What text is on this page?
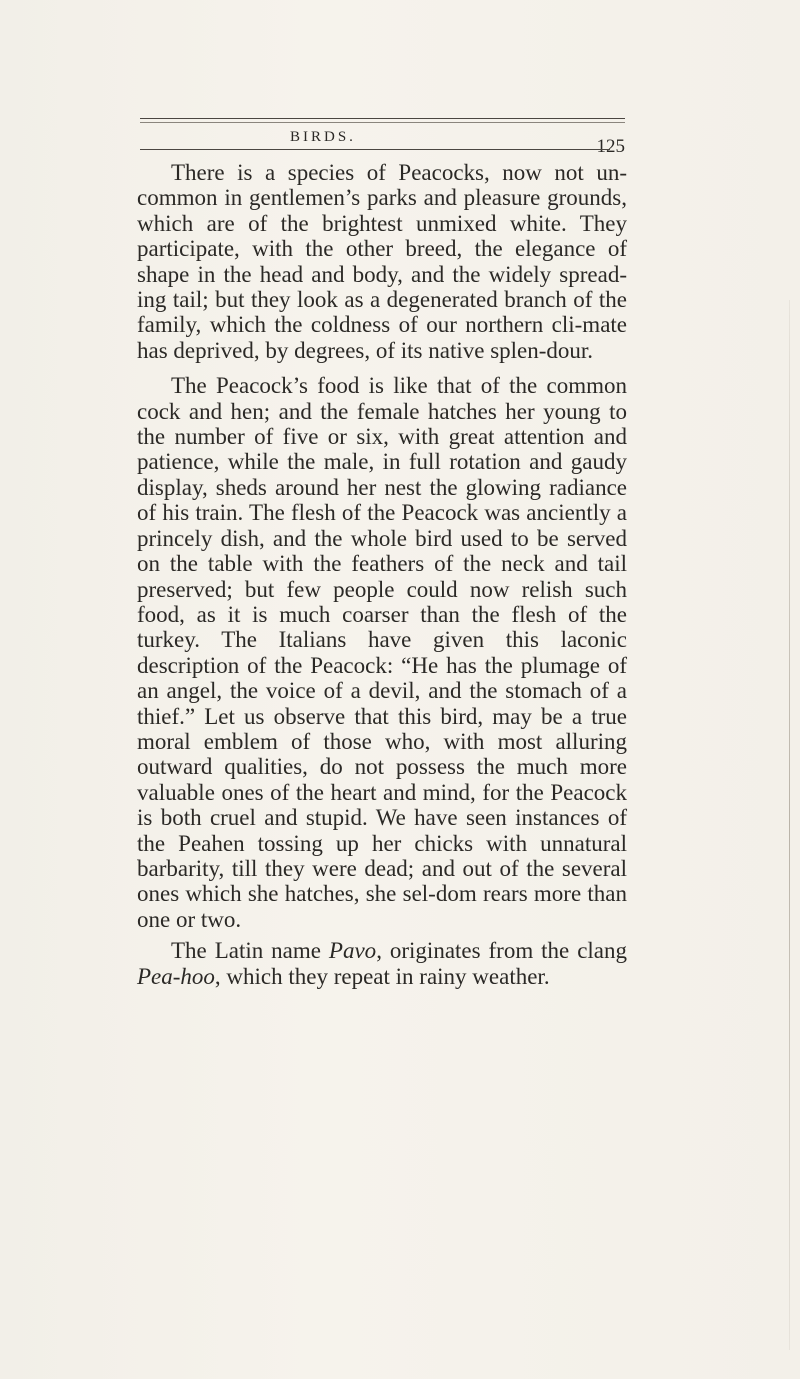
BIRDS.	125

There is a species of Peacocks, now not un-common in gentlemen’s parks and pleasure grounds, which are of the brightest unmixed white. They participate, with the other breed, the elegance of shape in the head and body, and the widely spread-ing tail; but they look as a degenerated branch of the family, which the coldness of our northern cli-mate has deprived, by degrees, of its native splen-dour.

The Peacock’s food is like that of the common cock and hen; and the female hatches her young to the number of five or six, with great attention and patience, while the male, in full rotation and gaudy display, sheds around her nest the glowing radiance of his train. The flesh of the Peacock was anciently a princely dish, and the whole bird used to be served on the table with the feathers of the neck and tail preserved; but few people could now relish such food, as it is much coarser than the flesh of the turkey. The Italians have given this laconic description of the Peacock: “He has the plumage of an angel, the voice of a devil, and the stomach of a thief.” Let us observe that this bird, may be a true moral emblem of those who, with most alluring outward qualities, do not possess the much more valuable ones of the heart and mind, for the Peacock is both cruel and stupid. We have seen instances of the Peahen tossing up her chicks with unnatural barbarity, till they were dead; and out of the several ones which she hatches, she sel-dom rears more than one or two.

The Latin name Pavo, originates from the clang Pea-hoo, which they repeat in rainy weather.
